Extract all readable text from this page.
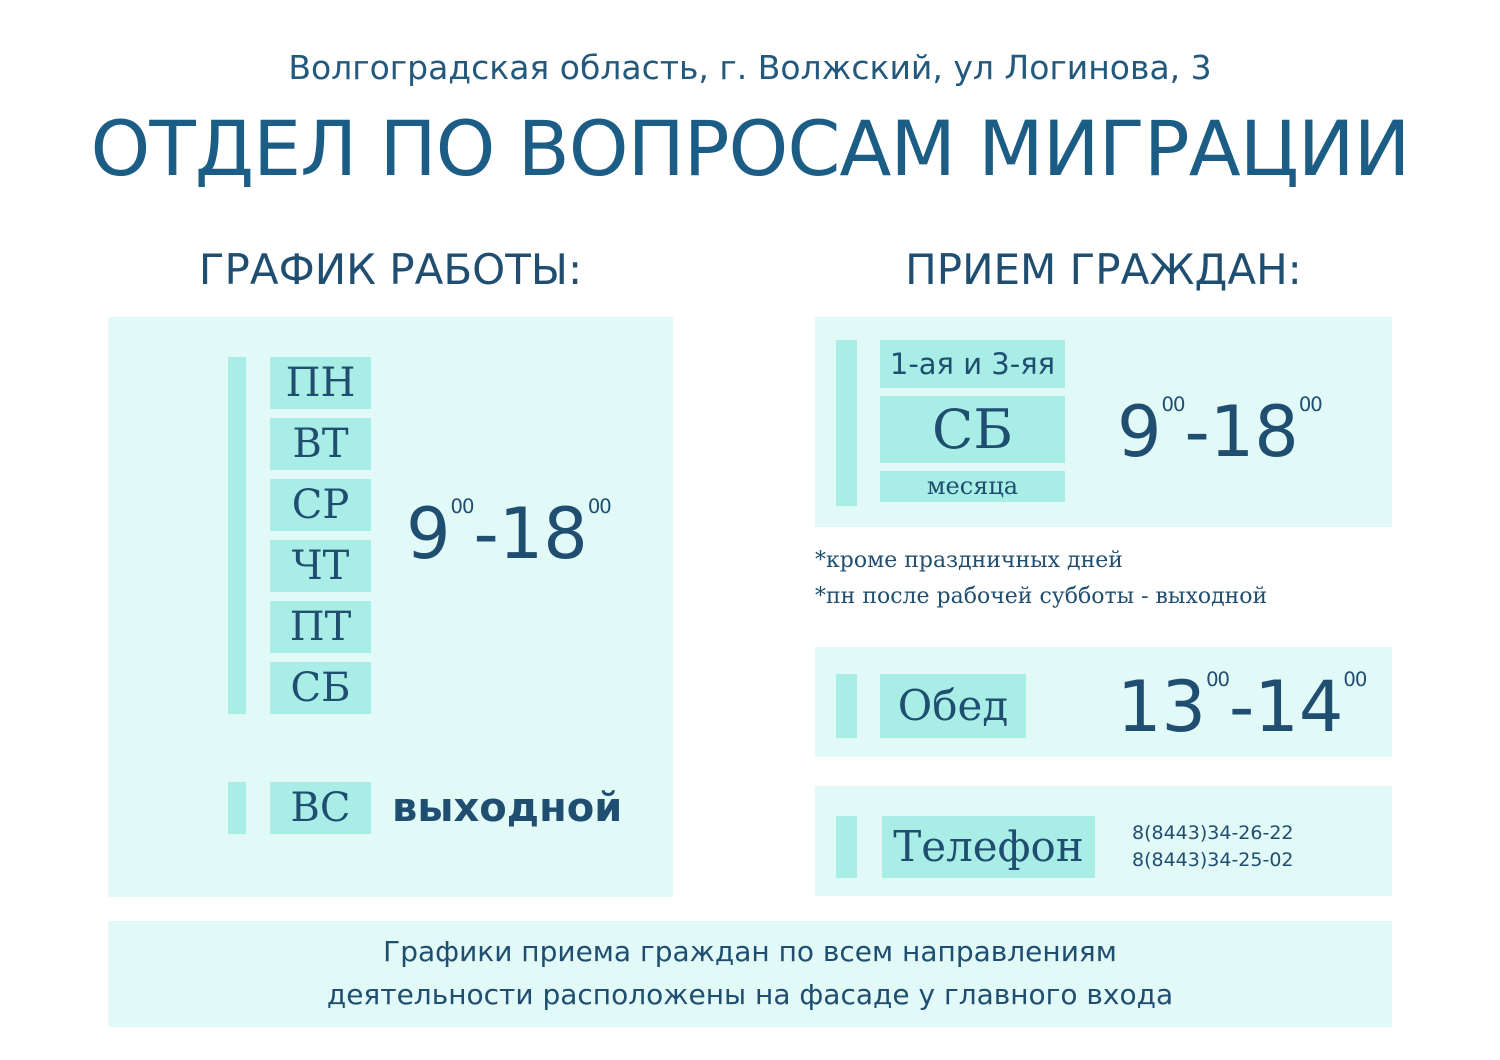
Волгоградская область, г. Волжский, ул Логинова, 3
ОТДЕЛ ПО ВОПРОСАМ МИГРАЦИИ
ГРАФИК РАБОТЫ:	ПРИЕМ ГРАЖДАН:
ПН
ВТ
СР
ЧТ
ПТ
СБ
$9^{00}-18^{00}$
ВС	выходной
1-ая и 3-яя
СБ
месяца
$9^{00}-18^{00}$
*кроме праздничных дней
*пн после рабочей субботы - выходной
Обед $13^{00}-14^{00}$
Телефон	8(8443)34-26-22
8(8443)34-25-02
Графики приема граждан по всем направлениям
деятельности расположены на фасаде у главного входа
